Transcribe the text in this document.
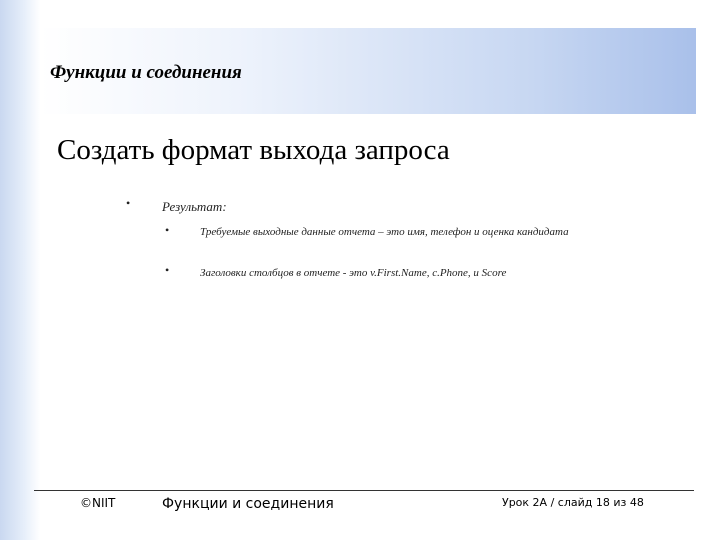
Функции и соединения
Создать формат выхода запроса
• Результат:
•	Требуемые выходные данные отчета – это имя, телефон и оценка кандидата
•	Заголовки столбцов в отчете - это v.First.Name, c.Phone, и Score
©NIIT	Функции и соединения	Урок 2А / слайд 18 из 48
